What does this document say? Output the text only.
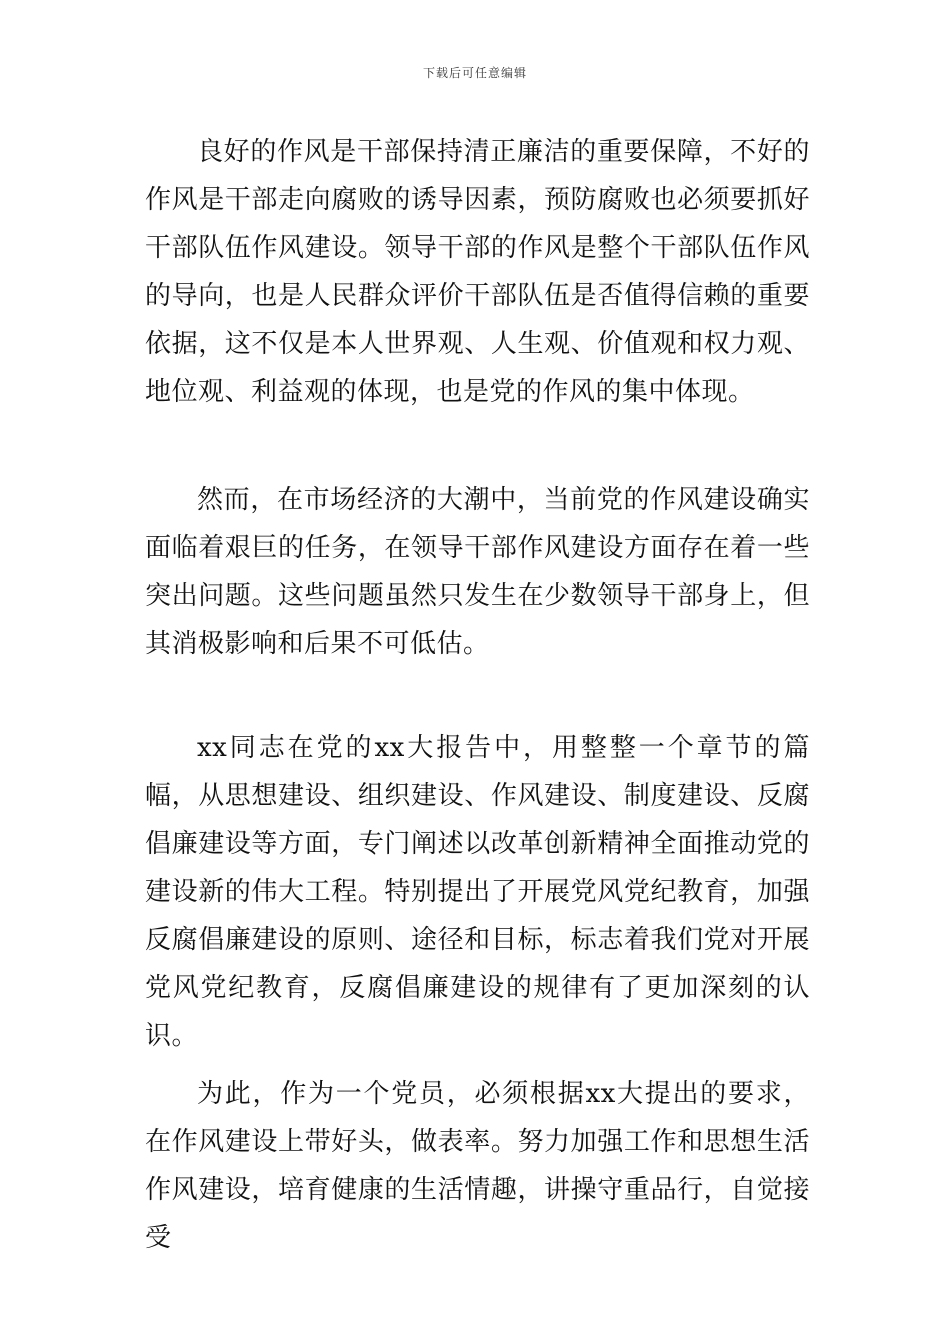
下载后可任意编辑

良好的作风是干部保持清正廉洁的重要保障，不好的作风是干部走向腐败的诱导因素，预防腐败也必须要抓好干部队伍作风建设。领导干部的作风是整个干部队伍作风的导向，也是人民群众评价干部队伍是否值得信赖的重要依据，这不仅是本人世界观、人生观、价值观和权力观、地位观、利益观的体现，也是党的作风的集中体现。

然而，在市场经济的大潮中，当前党的作风建设确实面临着艰巨的任务，在领导干部作风建设方面存在着一些突出问题。这些问题虽然只发生在少数领导干部身上，但其消极影响和后果不可低估。

xx同志在党的xx大报告中，用整整一个章节的篇幅，从思想建设、组织建设、作风建设、制度建设、反腐倡廉建设等方面，专门阐述以改革创新精神全面推动党的建设新的伟大工程。特别提出了开展党风党纪教育，加强反腐倡廉建设的原则、途径和目标，标志着我们党对开展党风党纪教育，反腐倡廉建设的规律有了更加深刻的认识。

为此，作为一个党员，必须根据xx大提出的要求，在作风建设上带好头，做表率。努力加强工作和思想生活作风建设，培育健康的生活情趣，讲操守重品行，自觉接受
